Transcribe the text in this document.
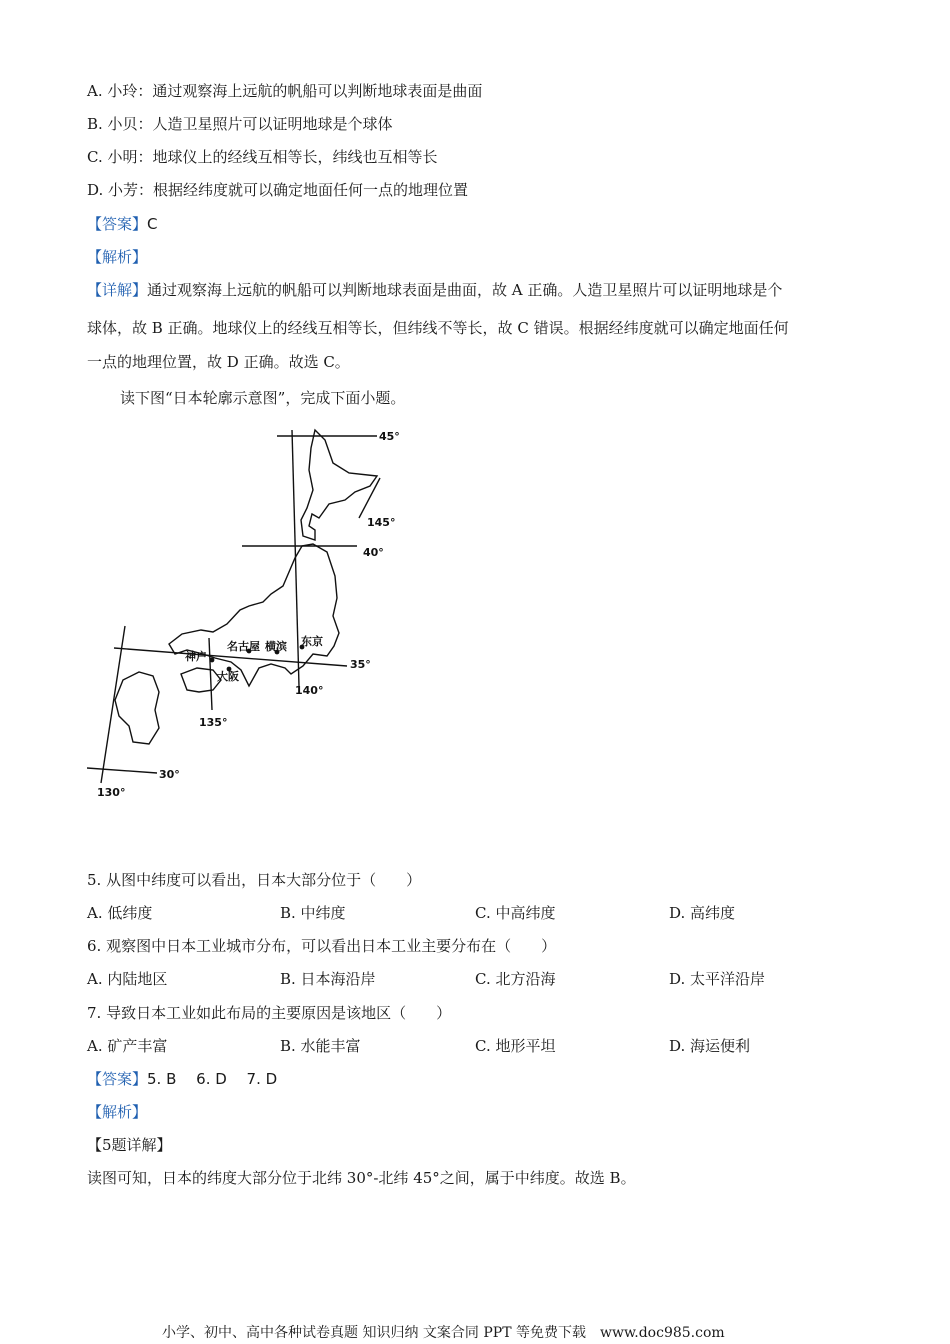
A. 小玲：通过观察海上远航的帆船可以判断地球表面是曲面
B. 小贝：人造卫星照片可以证明地球是个球体
C. 小明：地球仪上的经线互相等长，纬线也互相等长
D. 小芳：根据经纬度就可以确定地面任何一点的地理位置
【答案】C
【解析】
【详解】通过观察海上远航的帆船可以判断地球表面是曲面，故 A 正确。人造卫星照片可以证明地球是个
球体，故 B 正确。地球仪上的经线互相等长，但纬线不等长，故 C 错误。根据经纬度就可以确定地面任何
一点的地理位置，故 D 正确。故选 C。
读下图“日本轮廓示意图”，完成下面小题。
45°
40°
35°
30°
145°
140°
135°
130°
名古屋 横滨 东京
神户
大阪
5. 从图中纬度可以看出，日本大部分位于（　　）
A. 低纬度	B. 中纬度	C. 中高纬度	D. 高纬度
6. 观察图中日本工业城市分布，可以看出日本工业主要分布在（　　）
A. 内陆地区	B. 日本海沿岸	C. 北方沿海	D. 太平洋沿岸
7. 导致日本工业如此布局的主要原因是该地区（　　）
A. 矿产丰富	B. 水能丰富	C. 地形平坦	D. 海运便利
【答案】5. B　 6. D　 7. D
【解析】
【5题详解】
读图可知，日本的纬度大部分位于北纬 30°-北纬 45°之间，属于中纬度。故选 B。
小学、初中、高中各种试卷真题 知识归纳 文案合同 PPT 等免费下载　www.doc985.com
